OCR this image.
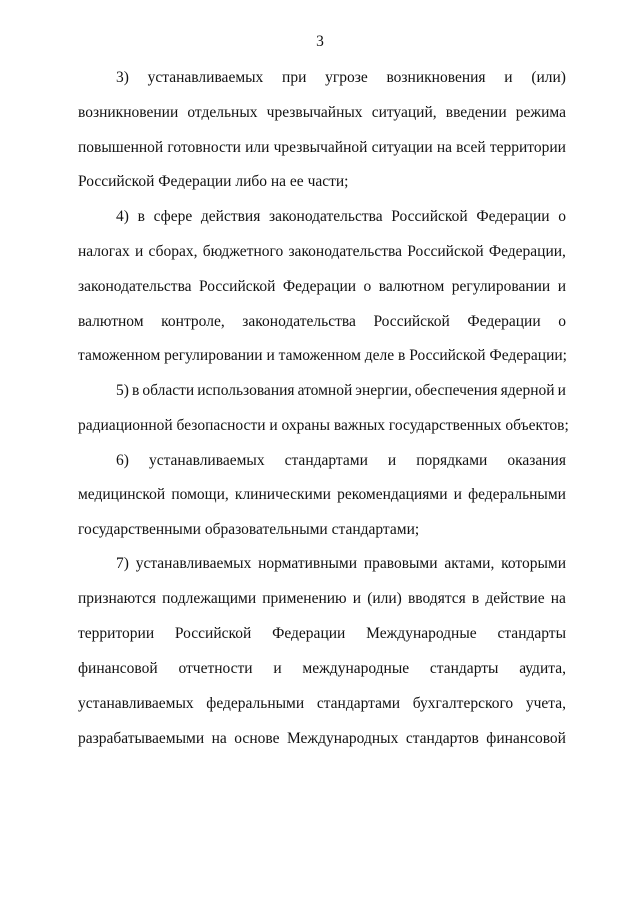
3
3) устанавливаемых при угрозе возникновения и (или)
возникновении отдельных чрезвычайных ситуаций, введении режима
повышенной готовности или чрезвычайной ситуации на всей территории
Российской Федерации либо на ее части;
4) в сфере действия законодательства Российской Федерации о
налогах и сборах, бюджетного законодательства Российской Федерации,
законодательства Российской Федерации о валютном регулировании и
валютном контроле, законодательства Российской Федерации о
таможенном регулировании и таможенном деле в Российской Федерации;
5) в области использования атомной энергии, обеспечения ядерной и
радиационной безопасности и охраны важных государственных объектов;
6) устанавливаемых стандартами и порядками оказания
медицинской помощи, клиническими рекомендациями и федеральными
государственными образовательными стандартами;
7) устанавливаемых нормативными правовыми актами, которыми
признаются подлежащими применению и (или) вводятся в действие на
территории Российской Федерации Международные стандарты
финансовой отчетности и международные стандарты аудита,
устанавливаемых федеральными стандартами бухгалтерского учета,
разрабатываемыми на основе Международных стандартов финансовой
